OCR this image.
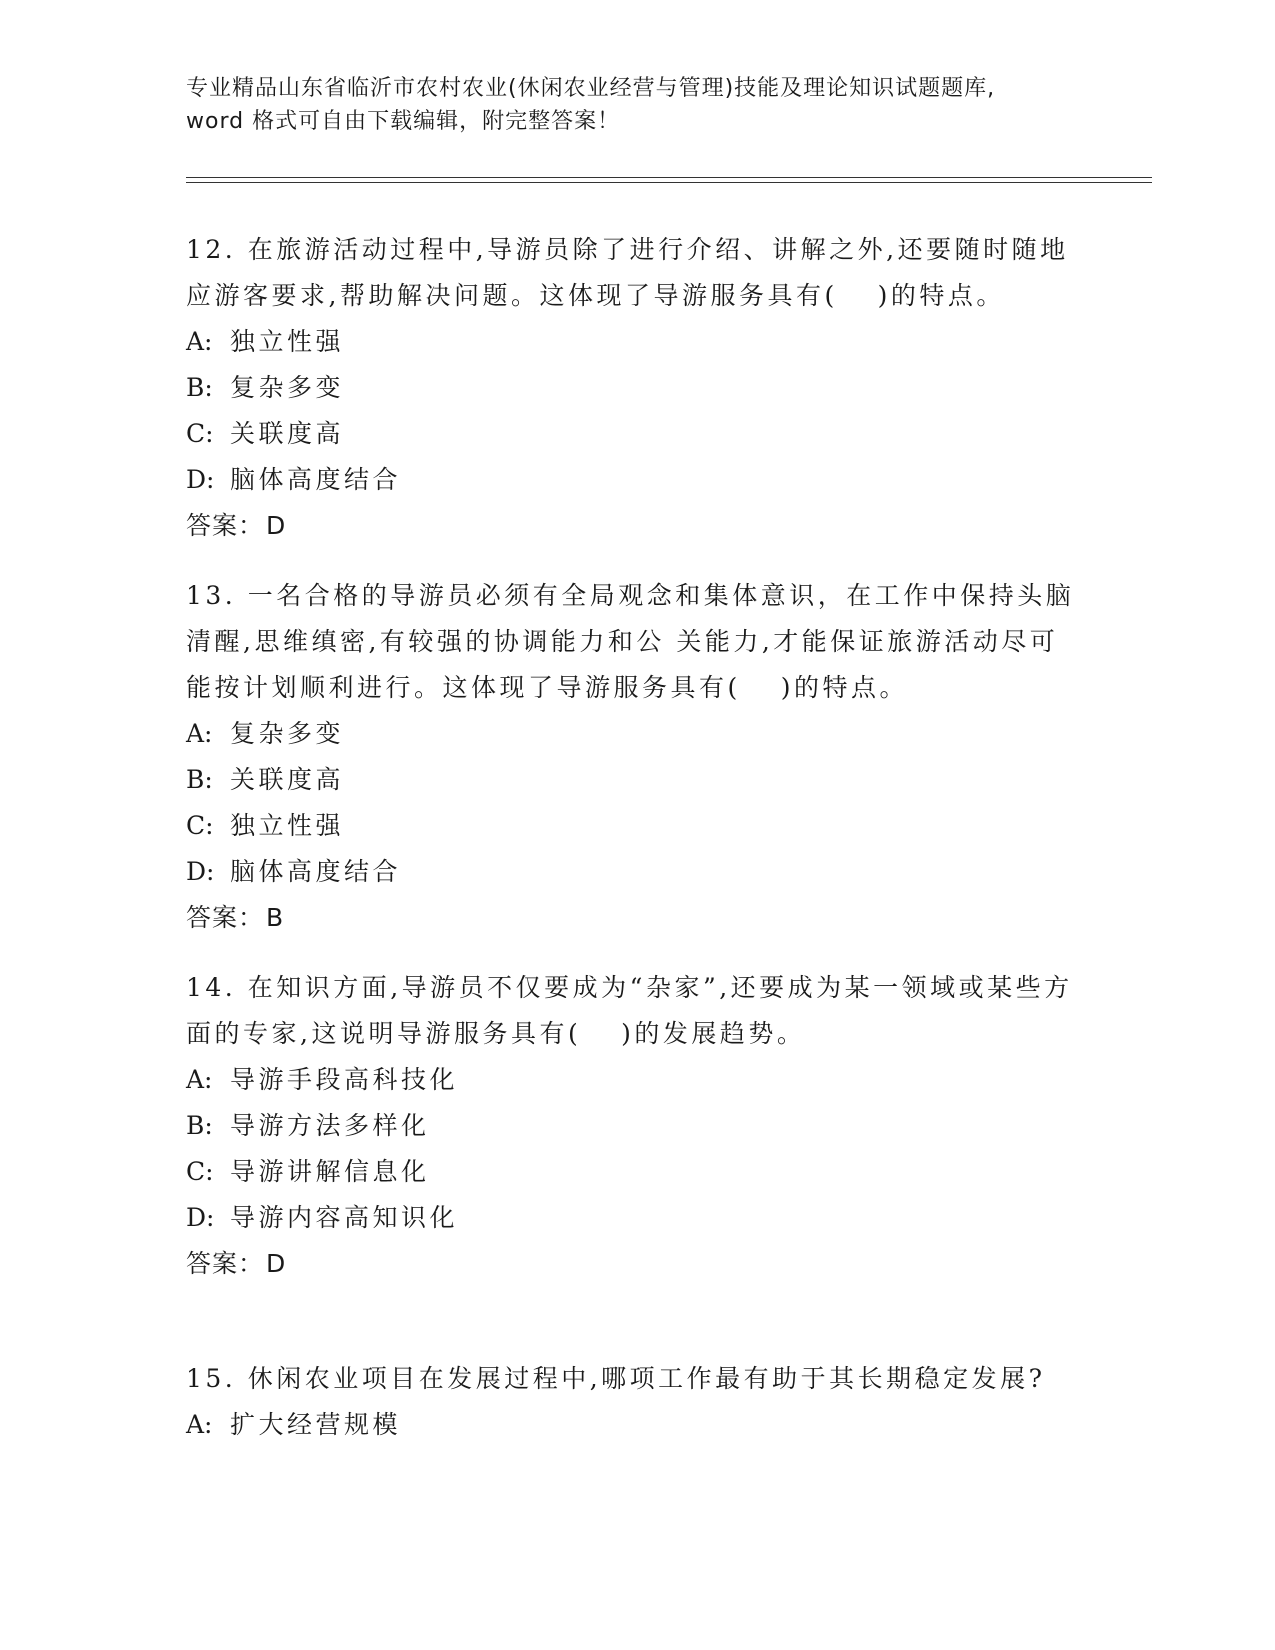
专业精品山东省临沂市农村农业(休闲农业经营与管理)技能及理论知识试题题库,
word 格式可自由下载编辑，附完整答案！
12. 在旅游活动过程中,导游员除了进行介绍、讲解之外,还要随时随地应游客要求,帮助解决问题。这体现了导游服务具有(　 )的特点。
A: 独立性强
B: 复杂多变
C: 关联度高
D: 脑体高度结合
答案：D
13. 一名合格的导游员必须有全局观念和集体意识，在工作中保持头脑清醒,思维缜密,有较强的协调能力和公 关能力,才能保证旅游活动尽可能按计划顺利进行。这体现了导游服务具有(　 )的特点。
A: 复杂多变
B: 关联度高
C: 独立性强
D: 脑体高度结合
答案：B
14. 在知识方面,导游员不仅要成为“杂家”,还要成为某一领域或某些方面的专家,这说明导游服务具有(　 )的发展趋势。
A: 导游手段高科技化
B: 导游方法多样化
C: 导游讲解信息化
D: 导游内容高知识化
答案：D
15. 休闲农业项目在发展过程中,哪项工作最有助于其长期稳定发展?
A: 扩大经营规模
